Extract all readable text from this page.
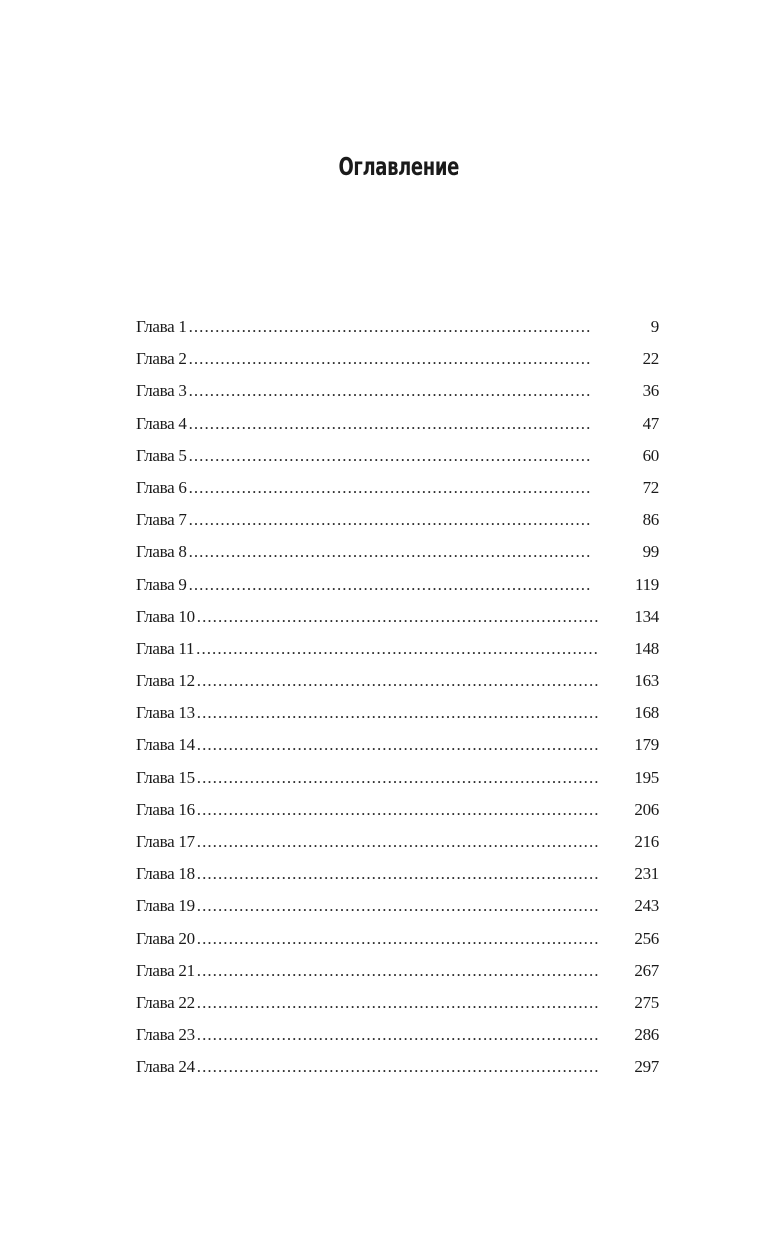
Оглавление
Глава 1 . . .	9
Глава 2 . . .	22
Глава 3 . . .	36
Глава 4 . . .	47
Глава 5 . . .	60
Глава 6 . . .	72
Глава 7 . . .	86
Глава 8 . . .	99
Глава 9 . . .	119
Глава 10 . . .	134
Глава 11 . . .	148
Глава 12 . . .	163
Глава 13 . . .	168
Глава 14 . . .	179
Глава 15 . . .	195
Глава 16 . . .	206
Глава 17 . . .	216
Глава 18 . . .	231
Глава 19 . . .	243
Глава 20 . . .	256
Глава 21 . . .	267
Глава 22 . . .	275
Глава 23 . . .	286
Глава 24 . . .	297
